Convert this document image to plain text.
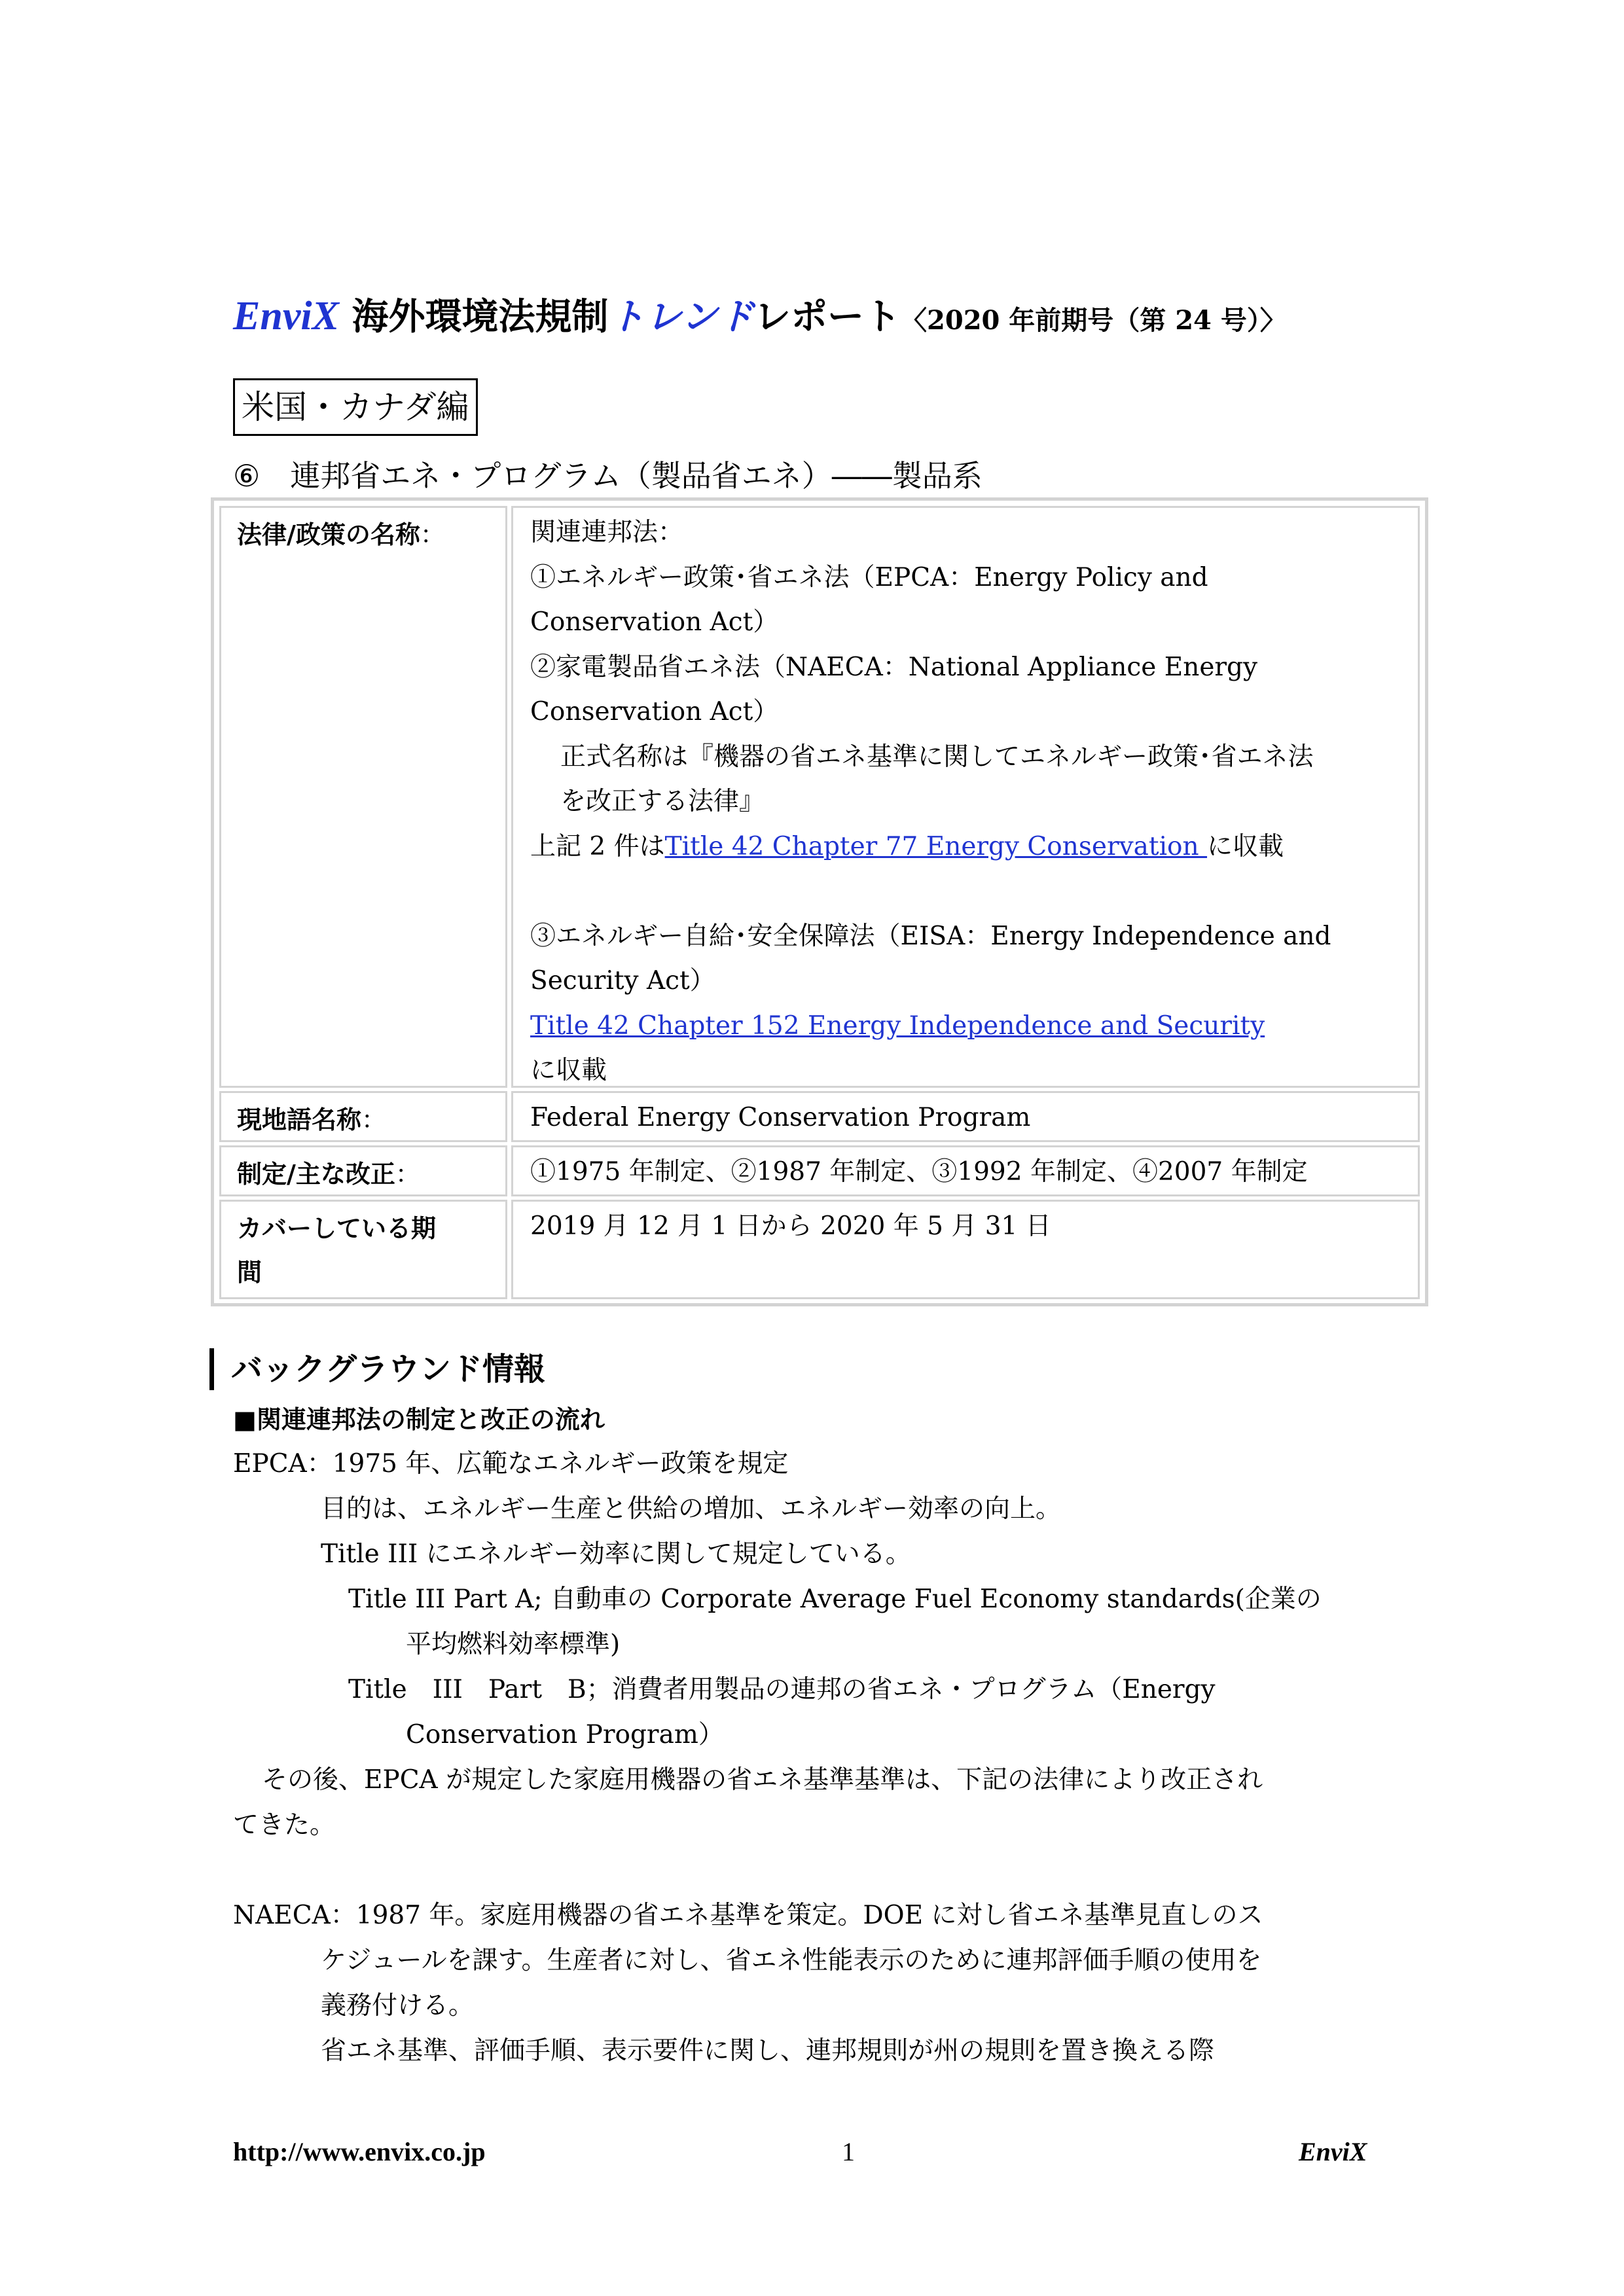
EnviX 海外環境法規制トレンドレポート〈2020 年前期号（第 24 号）〉
米国・カナダ編
⑥　連邦省エネ・プログラム（製品省エネ）――製品系
法律/政策の名称：	関連連邦法：

①エネルギー政策･省エネ法（EPCA：Energy Policy and

Conservation Act）

②家電製品省エネ法（NAECA：National Appliance Energy

Conservation Act）

正式名称は『機器の省エネ基準に関してエネルギー政策･省エネ法

を改正する法律』

上記 2 件はTitle 42 Chapter 77 Energy Conservation に収載

③エネルギー自給･安全保障法（EISA：Energy Independence and

Security Act）

Title 42 Chapter 152 Energy Independence and Security

に収載

現地語名称：	Federal Energy Conservation Program

制定/主な改正：	①1975 年制定、②1987 年制定、③1992 年制定、④2007 年制定

カバーしている期
間

2019 月 12 月 1 日から 2020 年 5 月 31 日

バックグラウンド情報
■関連連邦法の制定と改正の流れ

EPCA：1975 年、広範なエネルギー政策を規定

目的は、エネルギー生産と供給の増加、エネルギー効率の向上。

Title III にエネルギー効率に関して規定している。

Title III Part A; 自動車の Corporate Average Fuel Economy standards(企業の

平均燃料効率標準)

Title　III　Part　B；消費者用製品の連邦の省エネ・プログラム（Energy

Conservation Program）

その後、EPCA が規定した家庭用機器の省エネ基準基準は、下記の法律により改正され

てきた。

NAECA：1987 年。家庭用機器の省エネ基準を策定。DOE に対し省エネ基準見直しのス

ケジュールを課す。生産者に対し、省エネ性能表示のために連邦評価手順の使用を

義務付ける。

省エネ基準、評価手順、表示要件に関し、連邦規則が州の規則を置き換える際

http://www.envix.co.jp	1	EnviX
